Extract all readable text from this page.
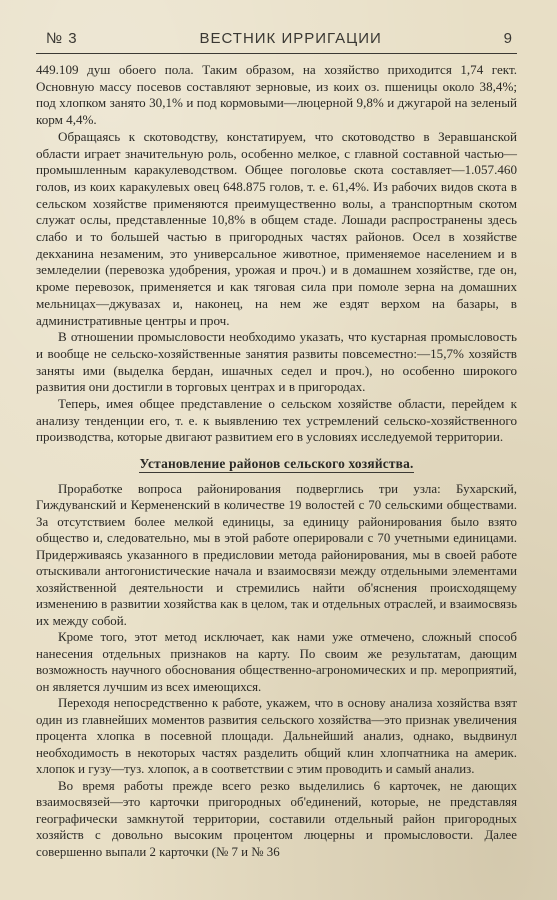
№ 3	ВЕСТНИК ИРРИГАЦИИ	9

449.109 душ обоего пола. Таким образом, на хозяйство приходится 1,74 гект. Основную массу посевов составляют зерновые, из коих оз. пшеницы около 38,4%; под хлопком занято 30,1% и под кормовыми—люцерной 9,8% и джугарой на зеленый корм 4,4%.

Обращаясь к скотоводству, констатируем, что скотоводство в Зеравшанской области играет значительную роль, особенно мелкое, с главной составной частью—промышленным каракулеводством. Общее поголовье скота составляет—1.057.460 голов, из коих каракулевых овец 648.875 голов, т. е. 61,4%. Из рабочих видов скота в сельском хозяйстве применяются преимущественно волы, а транспортным скотом служат ослы, представленные 10,8% в общем стаде. Лошади распространены здесь слабо и то большей частью в пригородных частях районов. Осел в хозяйстве декханина незаменим, это универсальное животное, применяемое населением и в земледелии (перевозка удобрения, урожая и проч.) и в домашнем хозяйстве, где он, кроме перевозок, применяется и как тяговая сила при помоле зерна на домашних мельницах—джувазах и, наконец, на нем же ездят верхом на базары, в административные центры и проч.

В отношении промысловости необходимо указать, что кустарная промысловость и вообще не сельско-хозяйственные занятия развиты повсеместно:—15,7% хозяйств заняты ими (выделка бердан, ишачных седел и проч.), но особенно широкого развития они достигли в торговых центрах и в пригородах.

Теперь, имея общее представление о сельском хозяйстве области, перейдем к анализу тенденции его, т. е. к выявлению тех устремлений сельско-хозяйственного производства, которые двигают развитием его в условиях исследуемой территории.

Установление районов сельского хозяйства.

Проработке вопроса районирования подверглись три узла: Бухарский, Гиждуванский и Кермененский в количестве 19 волостей с 70 сельскими обществами. За отсутствием более мелкой единицы, за единицу районирования было взято общество и, следовательно, мы в этой работе оперировали с 70 учетными единицами. Придерживаясь указанного в предисловии метода районирования, мы в своей работе отыскивали антогонистические начала и взаимосвязи между отдельными элементами хозяйственной деятельности и стремились найти об'яснения происходящему изменению в развитии хозяйства как в целом, так и отдельных отраслей, и взаимосвязь их между собой.

Кроме того, этот метод исключает, как нами уже отмечено, сложный способ нанесения отдельных признаков на карту. По своим же результатам, дающим возможность научного обоснования общественно-агрономических и пр. мероприятий, он является лучшим из всех имеющихся.

Переходя непосредственно к работе, укажем, что в основу анализа хозяйства взят один из главнейших моментов развития сельского хозяйства—это признак увеличения процента хлопка в посевной площади. Дальнейший анализ, однако, выдвинул необходимость в некоторых частях разделить общий клин хлопчатника на америк. хлопок и гузу—туз. хлопок, а в соответствии с этим проводить и самый анализ.

Во время работы прежде всего резко выделились 6 карточек, не дающих взаимосвязей—это карточки пригородных об'единений, которые, не представляя географически замкнутой территории, составили отдельный район пригородных хозяйств с довольно высоким процентом люцерны и промысловости. Далее совершенно выпали 2 карточки (№ 7 и № 36
